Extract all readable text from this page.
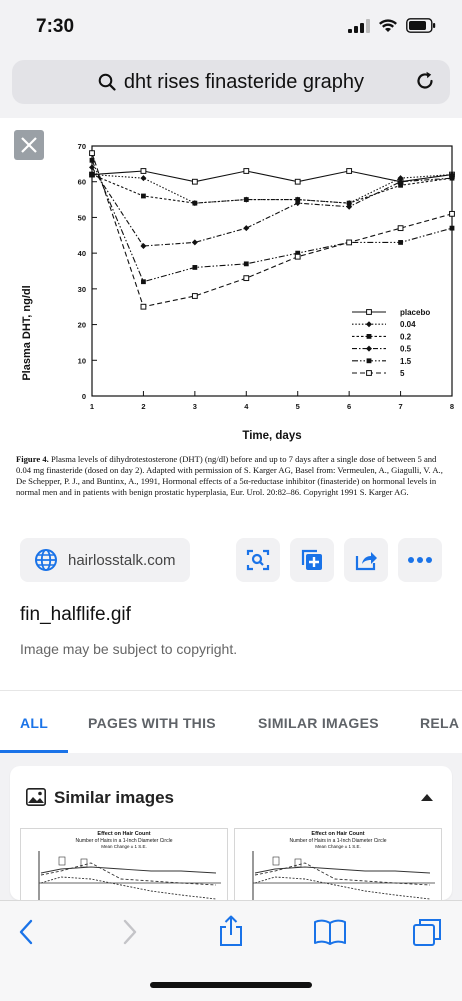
7:30
dht rises finasteride graphy
0
10
20
30
40
50
60
70
1	2	3	4	5	6	7	8
placebo
0.04
0.2
0.5
1.5
5
Plasma DHT, ng/dl
Time, days
Figure 4. Plasma levels of dihydrotestosterone (DHT) (ng/dl) before and up to 7 days after a single dose of between 5 and 0.04 mg finasteride (dosed on day 2). Adapted with permission of S. Karger AG, Basel from: Vermeulen, A., Giagulli, V. A., De Schepper, P. J., and Buntinx, A., 1991, Hormonal effects of a 5α-reductase inhibitor (finasteride) on hormonal levels in normal men and in patients with benign prostatic hyperplasia, Eur. Urol. 20:82–86. Copyright 1991 S. Karger AG.
hairlosstalk.com
fin_halflife.gif
Image may be subject to copyright.
ALL	PAGES WITH THIS	SIMILAR IMAGES	RELA
Similar images
Effect on Hair Count
Number of Hairs in a 1-Inch Diameter Circle
Mean Change ± 1 S.E.
Effect on Hair Count
Number of Hairs in a 1-Inch Diameter Circle
Mean Change ± 1 S.E.
